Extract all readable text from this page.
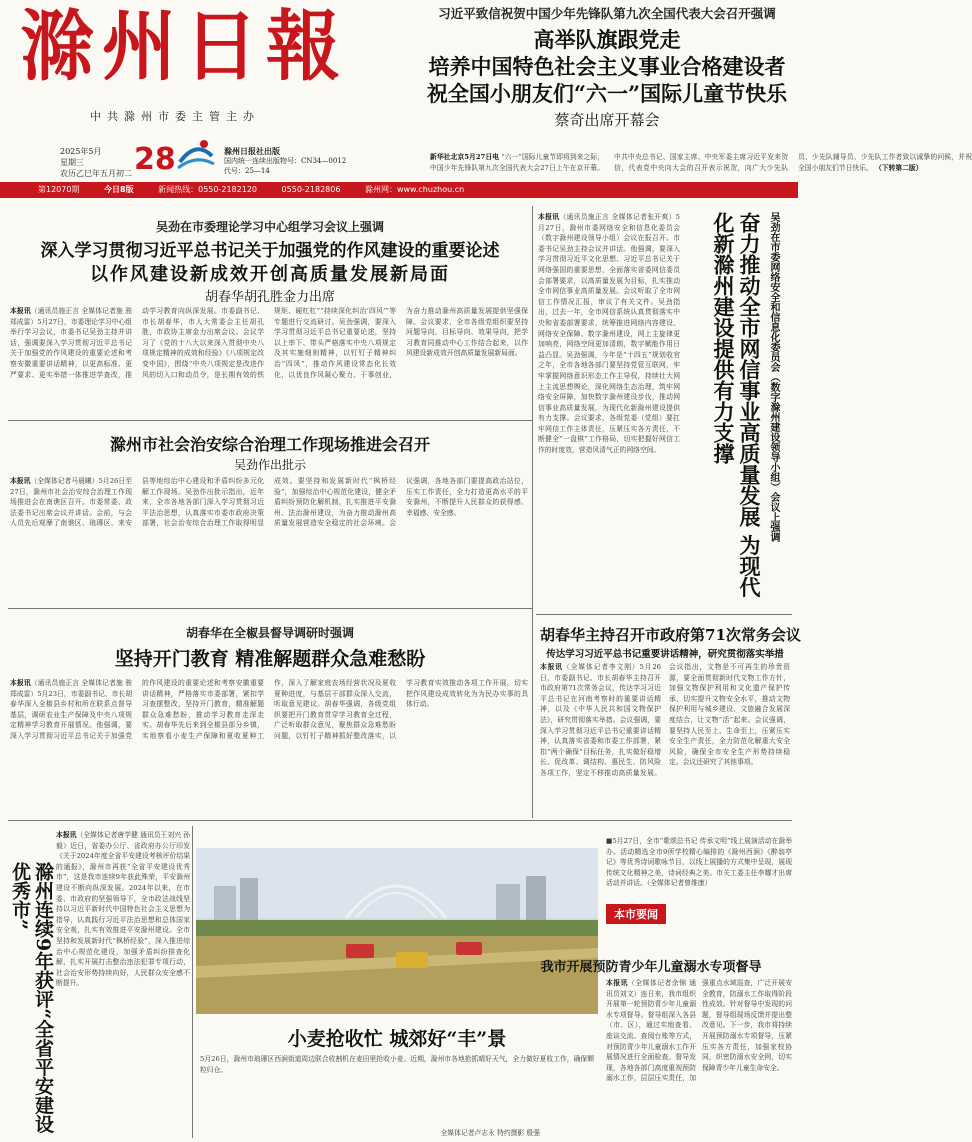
滁州日報
中共滁州市委主管主办
2025年5月
星期三
农历乙巳年五月初二 28	滁州日报社出版
国内统一连续出版物号：CN34—0012
代号：25—14
第12070期	今日8版	新闻热线：0550-2182120	0550-2182806	滁州网：www.chuzhou.cn
习近平致信祝贺中国少年先锋队第九次全国代表大会召开强调
高举队旗跟党走
培养中国特色社会主义事业合格建设者
祝全国小朋友们“六一”国际儿童节快乐
蔡奇出席开幕会
新华社北京5月27日电 “六一”国际儿童节即将到来之际，中国少年先锋队第九次全国代表大会27日上午在京开幕。中共中央总书记、国家主席、中央军委主席习近平发来贺信，代表党中央向大会的召开表示祝贺，向广大少先队员、少先队辅导员、少先队工作者致以诚挚的问候，并祝全国小朋友们节日快乐。 （下转第二版）
吴劲在市委理论学习中心组学习会议上强调
深入学习贯彻习近平总书记关于加强党的作风建设的重要论述
以作风建设新成效开创高质量发展新局面
胡春华胡孔胜金力出席
本报讯（通讯员施正言 全媒体记者施 骏 郑成雷）5月27日，市委理论学习中心组举行学习会议，市委书记吴劲主持并讲话，强调要深入学习贯彻习近平总书记关于加强党的作风建设的重要论述和考察安徽重要讲话精神，以更高标准、更严要求、更实举措一体推进学查改，推动学习教育向纵深发展。市委副书记、市长胡春华，市人大常委会主任胡孔胜，市政协主席金力出席会议。会议学习了《党的十八大以来深入贯彻中央八项规定精神的成效和经验》《八项规定改变中国》，围绕“中央八项规定是改进作风的切入口和动员令，是长期有效的铁规矩、硬杠杠”“持续深化纠治‘四风’”等专题进行交流研讨。吴劲强调，要深入学习贯彻习近平总书记重要论述，坚持以上率下、带头严格落实中央八项规定及其实施细则精神，以钉钉子精神纠治“四风”，推动作风建设常态化长效化，以优良作风凝心聚力、干事创业，为奋力推动滁州高质量发展提供坚强保障。会议要求，全市各级党组织要坚持问题导向、目标导向、效果导向，把学习教育同推动中心工作结合起来，以作风建设新成效开创高质量发展新局面。
滁州市社会治安综合治理工作现场推进会召开
吴劲作出批示
本报讯（全媒体记者马晨曦）5月26日至27日，滁州市社会治安综合治理工作现场推进会在南谯区召开。市委常委、政法委书记出席会议并讲话。会前，与会人员先后观摩了南谯区、琅琊区、来安县等地综治中心建设和矛盾纠纷多元化解工作现场。吴劲作出批示指出，近年来，全市各地各部门深入学习贯彻习近平法治思想，认真落实市委市政府决策部署，社会治安综合治理工作取得明显成效。要坚持和发展新时代“枫桥经验”，加强综治中心规范化建设，健全矛盾纠纷预防化解机制，扎实推进平安滁州、法治滁州建设，为奋力推动滁州高质量发展营造安全稳定的社会环境。会议强调，各地各部门要提高政治站位，压实工作责任，全力打造更高水平的平安滁州，不断提升人民群众的获得感、幸福感、安全感。
胡春华在全椒县督导调研时强调
坚持开门教育 精准解题群众急难愁盼
本报讯（通讯员施正言 全媒体记者施 骏 郑成雷）5月23日，市委副书记、市长胡春华深入全椒县乡村和所在联系点督导基层，调研农业生产保障及中央八项规定精神学习教育开展情况。他强调，要深入学习贯彻习近平总书记关于加强党的作风建设的重要论述和考察安徽重要讲话精神，严格落实市委部署，紧扣学习查摆整改，坚持开门教育，精准解题群众急难愁盼，推动学习教育走深走实。胡春华先后来到全椒县部分乡镇，实地察看小麦生产保障和夏收夏种工作，深入了解家庭农场经营状况及夏收夏种进度，与基层干部群众深入交流，听取意见建议。胡春华强调，各级党组织要把开门教育贯穿学习教育全过程，广泛听取群众意见，聚焦群众急难愁盼问题，以钉钉子精神抓好整改落实，以学习教育实效推动各项工作开展，切实把作风建设成效转化为为民办实事的具体行动。
本报讯（通讯员施正言 全媒体记者张开爽）5月27日，滁州市委网络安全和信息化委员会（数字滁州建设领导小组）会议在报召开。市委书记吴劲主持会议并讲话。他强调，要深入学习贯彻习近平文化思想、习近平总书记关于网络强国的重要思想，全面落实省委网信委员会部署要求，以高质量发展为目标，扎实推动全市网信事业高质量发展。会议听取了全市网信工作情况汇报，审议了有关文件。吴劲指出，过去一年，全市网信系统认真贯彻落实中央和省委部署要求，统筹推进网络内容建设、网络安全保障、数字滁州建设，网上主旋律更加响亮，网络空间更加清朗，数字赋能作用日益凸显。吴劲强调，今年是“十四五”规划收官之年，全市各地各部门要坚持党管互联网，牢牢掌握网络意识形态工作主导权，持续壮大网上主流思想舆论，深化网络生态治理，筑牢网络安全屏障，加快数字滁州建设步伐，推动网信事业高质量发展，为现代化新滁州建设提供有力支撑。会议要求，各级党委（党组）要扛牢网信工作主体责任，压紧压实各方责任，不断健全“一盘棋”工作格局，切实把握好网信工作的时度效，营造风清气正的网络空间。	吴劲在市委网络安全和信息化委员会（数字滁州建设领导小组）会议上强调
奋力推动全市网信事业高质量发展 为现代化新滁州建设提供有力支撑
胡春华主持召开市政府第71次常务会议
传达学习习近平总书记重要讲话精神，研究贯彻落实举措
本报讯（全媒体记者李文刚）5月26日，市委副书记、市长胡春华主持召开市政府第71次常务会议，传达学习习近平总书记在河南考察时的重要讲话精神，以及《中华人民共和国文物保护法》，研究贯彻落实举措。会议强调，要深入学习贯彻习近平总书记重要讲话精神，认真落实省委和市委工作部署，紧扣“两个确保”目标任务，扎实做好稳增长、促改革、调结构、惠民生、防风险各项工作，坚定不移推动高质量发展。会议指出，文物是不可再生的珍贵资源，要全面贯彻新时代文物工作方针，加强文物保护利用和文化遗产保护传承，切实提升文物安全水平，推动文物保护利用与城乡建设、文旅融合发展深度结合，让文物“活”起来。会议强调，要坚持人民至上、生命至上，压紧压实安全生产责任，全力防范化解重大安全风险，确保全市安全生产形势持续稳定。会议还研究了其他事项。
本报讯（全媒体记者唐学健 通讯员王刘兴 孙 毅）近日，省委办公厅、省政府办公厅印发《关于2024年度全省平安建设考核评价结果的通报》，滁州市再获“全省平安建设优秀市”，这是我市连续9年获此殊荣，平安滁州建设不断向纵深发展。2024年以来，在市委、市政府的坚强领导下，全市政法战线坚持以习近平新时代中国特色社会主义思想为指导，认真践行习近平法治思想和总体国家安全观，扎实有效推进平安滁州建设。全市坚持和发展新时代“枫桥经验”，深入推进综治中心规范化建设，加强矛盾纠纷排查化解，扎实开展打击整治违法犯罪专项行动，社会治安形势持续向好，人民群众安全感不断提升。
滁州连续9年获评“全省平安建设优秀市”
小麦抢收忙 城郊好“丰”景
5月26日，滁州市琅琊区西涧街道周边联合收割机在麦田里抢收小麦。近期，滁州市各地抢抓晴好天气，全力做好夏收工作，确保颗粒归仓。
全媒体记者卢志永 特约摄影 殷强
本市要闻
■5月27日，全市“歌颂总书记 传承文明”线上展演活动在滁举办。活动精选全市9所学校精心编排的《滁州西涧》《醉翁亭记》等优秀诗词歌咏节目，以线上展播的方式集中呈现，展现传统文化精神之美，诗词经典之美。市关工委主任李耀才出席活动并讲话。（全媒体记者曾维康）
我市开展预防青少年儿童溺水专项督导
本报讯（全媒体记者余锦 通讯员刘文）连日来，我市组织开展第一轮预防青少年儿童溺水专项督导。督导组深入各县（市、区），通过实地查看、座谈交流、查阅台账等方式，对预防青少年儿童溺水工作开展情况进行全面检查。督导发现，各地各部门高度重视预防溺水工作，层层压实责任，加强重点水域巡查，广泛开展安全教育，防溺水工作取得阶段性成效。针对督导中发现的问题，督导组现场反馈并提出整改意见。下一步，我市将持续开展预防溺水专项督导，压紧压实各方责任，加强家校协同，织密防溺水安全网，切实保障青少年儿童生命安全。
